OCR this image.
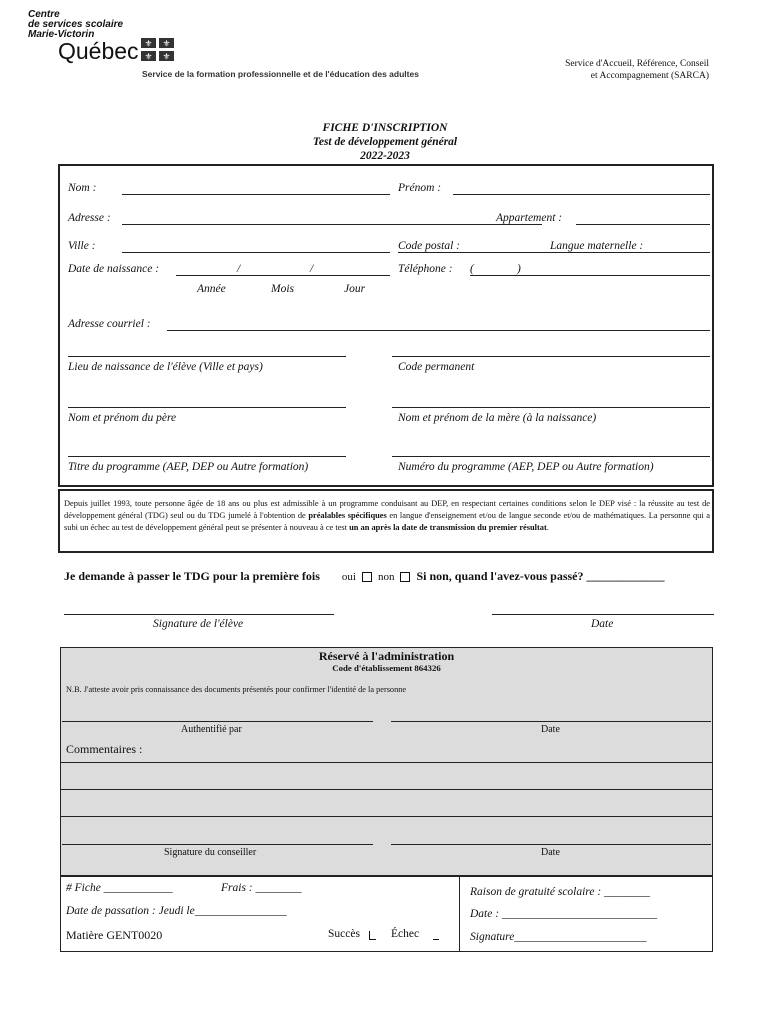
Centre
de services scolaire
Marie-Victorin
Québec ⚜ ⚜
⚜ ⚜
Service de la formation professionnelle et de l'éducation des adultes
Service d'Accueil, Référence, Conseil
et Accompagnement (SARCA)
FICHE D'INSCRIPTION
Test de développement général
2022-2023
Nom :	Prénom :
Adresse :	Appartement :
Ville :	Code postal :	Langue maternelle :
Date de naissance :	/	/	Téléphone : (	)
Année	Mois	Jour
Adresse courriel :
Lieu de naissance de l'élève (Ville et pays)	Code permanent
Nom et prénom du père	Nom et prénom de la mère (à la naissance)
Titre du programme (AEP, DEP ou Autre formation)	Numéro du programme (AEP, DEP ou Autre formation)
Depuis juillet 1993, toute personne âgée de 18 ans ou plus est admissible à un programme conduisant au DEP, en respectant certaines conditions selon le DEP visé : la réussite au test de développement général (TDG) seul ou du TDG jumelé à l'obtention de préalables spécifiques en langue d'enseignement et/ou de langue seconde et/ou de mathématiques. La personne qui a subi un échec au test de développement général peut se présenter à nouveau à ce test un an après la date de transmission du premier résultat.
Je demande à passer le TDG pour la première fois oui non Si non, quand l'avez-vous passé? _____________
Signature de l'élève	Date
Réservé à l'administration
Code d'établissement 864326
N.B. J'atteste avoir pris connaissance des documents présentés pour confirmer l'identité de la personne
Authentifié par	Date
Commentaires :
Signature du conseiller	Date
# Fiche ____________	Frais : ________
Date de passation : Jeudi le________________
Matière GENT0020	Succès	Échec
Raison de gratuité scolaire : ________
Date : ___________________________
Signature_______________________
